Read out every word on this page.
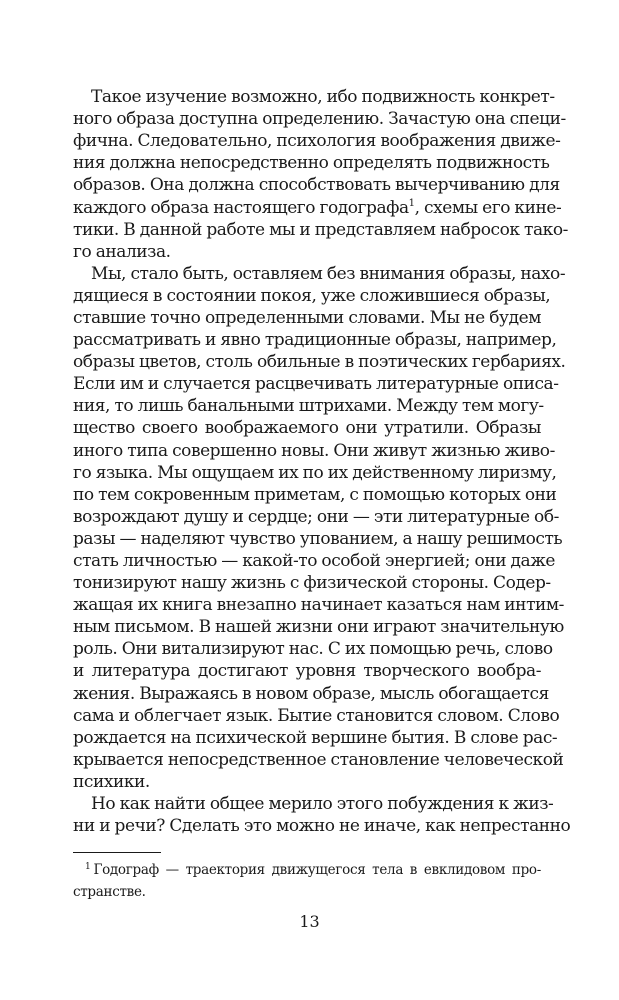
Такое изучение возможно, ибо подвижность конкрет-
ного образа доступна определению. Зачастую она специ-
фична. Следовательно, психология воображения движе-
ния должна непосредственно определять подвижность
образов. Она должна способствовать вычерчиванию для
каждого образа настоящего годографа$^1$, схемы его кине-
тики. В данной работе мы и представляем набросок тако-
го анализа.
Мы, стало быть, оставляем без внимания образы, нахо-
дящиеся в состоянии покоя, уже сложившиеся образы,
ставшие точно определенными словами. Мы не будем
рассматривать и явно традиционные образы, например,
образы цветов, столь обильные в поэтических гербариях.
Если им и случается расцвечивать литературные описа-
ния, то лишь банальными штрихами. Между тем могу-
щество своего воображаемого они утратили. Образы
иного типа совершенно новы. Они живут жизнью живо-
го языка. Мы ощущаем их по их действенному лиризму,
по тем сокровенным приметам, с помощью которых они
возрождают душу и сердце; они — эти литературные об-
разы — наделяют чувство упованием, а нашу решимость
стать личностью — какой-то особой энергией; они даже
тонизируют нашу жизнь с физической стороны. Содер-
жащая их книга внезапно начинает казаться нам интим-
ным письмом. В нашей жизни они играют значительную
роль. Они витализируют нас. С их помощью речь, слово
и литература достигают уровня творческого вообра-
жения. Выражаясь в новом образе, мысль обогащается
сама и облегчает язык. Бытие становится словом. Слово
рождается на психической вершине бытия. В слове рас-
крывается непосредственное становление человеческой
психики.
Но как найти общее мерило этого побуждения к жиз-
ни и речи? Сделать это можно не иначе, как непрестанно
$^1$ Годограф — траектория движущегося тела в евклидовом про-
странстве.
13
